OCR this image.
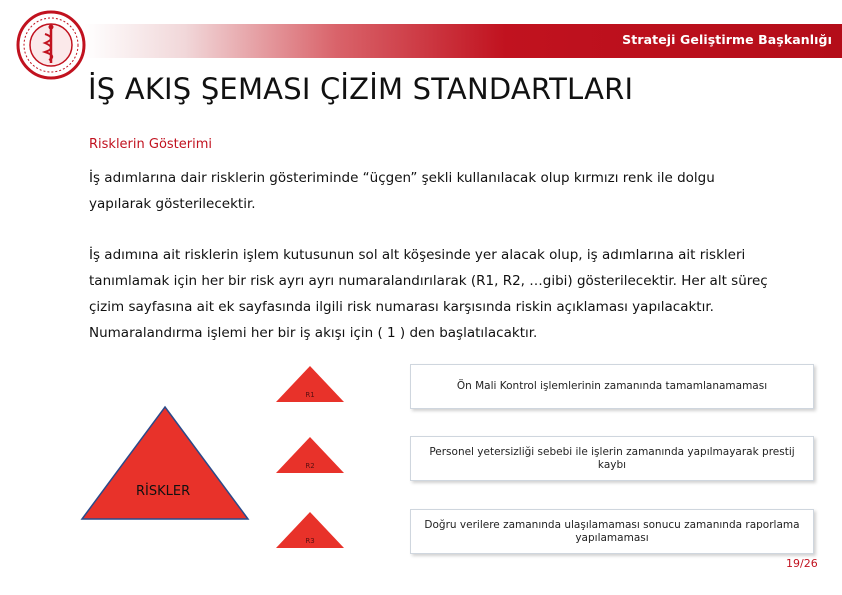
Strateji Geliştirme Başkanlığı
İŞ AKIŞ ŞEMASI ÇİZİM STANDARTLARI
Risklerin Gösterimi
İş adımlarına dair risklerin gösteriminde “üçgen” şekli kullanılacak olup kırmızı renk ile dolgu yapılarak gösterilecektir.
İş adımına ait risklerin işlem kutusunun sol alt köşesinde yer alacak olup, iş adımlarına ait riskleri tanımlamak için her bir risk ayrı ayrı numaralandırılarak (R1, R2, …gibi) gösterilecektir. Her alt süreç çizim sayfasına ait ek sayfasında ilgili risk numarası karşısında riskin açıklaması yapılacaktır. Numaralandırma işlemi her bir iş akışı için ( 1 ) den başlatılacaktır.
RİSKLER
R1
R2
R3
Ön Mali Kontrol işlemlerinin zamanında tamamlanamaması
Personel yetersizliği sebebi ile işlerin zamanında yapılmayarak prestij kaybı
Doğru verilere zamanında ulaşılamaması sonucu zamanında raporlama yapılamaması
19/26
